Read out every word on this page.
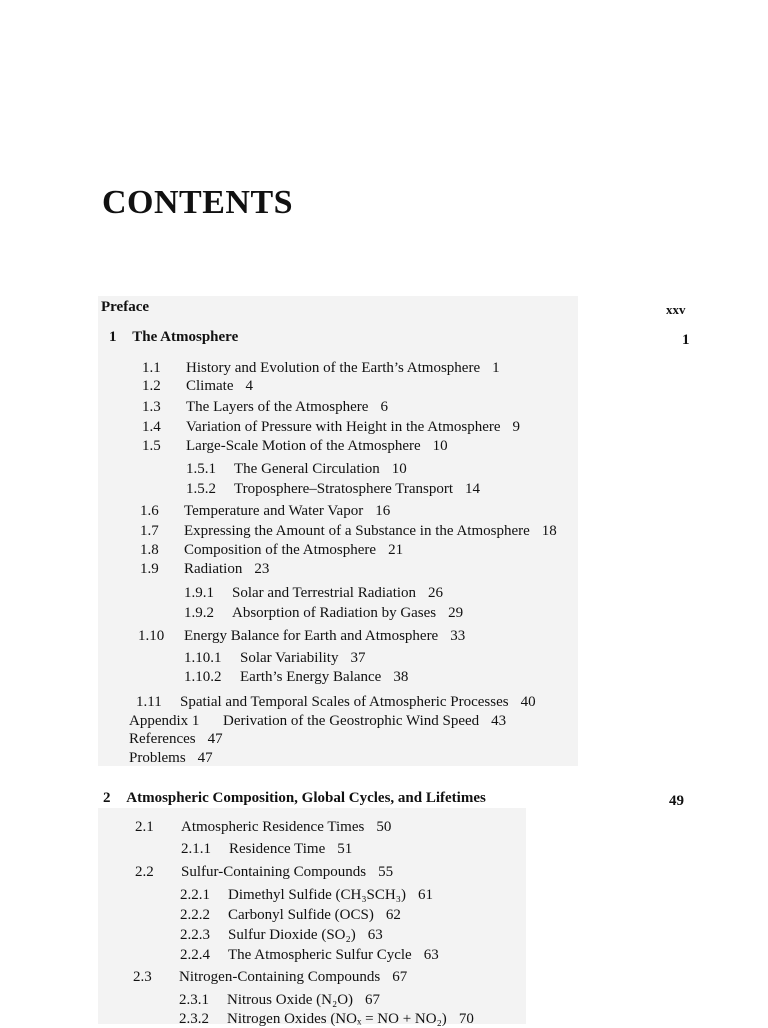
CONTENTS
Preface	xxv
1 The Atmosphere	1
1.1 History and Evolution of the Earth’s Atmosphere 1
1.2 Climate 4
1.3 The Layers of the Atmosphere 6
1.4 Variation of Pressure with Height in the Atmosphere 9
1.5 Large-Scale Motion of the Atmosphere 10
1.5.1 The General Circulation 10
1.5.2 Troposphere–Stratosphere Transport 14
1.6 Temperature and Water Vapor 16
1.7 Expressing the Amount of a Substance in the Atmosphere 18
1.8 Composition of the Atmosphere 21
1.9 Radiation 23
1.9.1 Solar and Terrestrial Radiation 26
1.9.2 Absorption of Radiation by Gases 29
1.10 Energy Balance for Earth and Atmosphere 33
1.10.1 Solar Variability 37
1.10.2 Earth’s Energy Balance 38
1.11 Spatial and Temporal Scales of Atmospheric Processes 40
Appendix 1 Derivation of the Geostrophic Wind Speed 43
References 47
Problems 47
2 Atmospheric Composition, Global Cycles, and Lifetimes	49
2.1 Atmospheric Residence Times 50
2.1.1 Residence Time 51
2.2 Sulfur-Containing Compounds 55
2.2.1 Dimethyl Sulfide (CH₃SCH₃) 61
2.2.2 Carbonyl Sulfide (OCS) 62
2.2.3 Sulfur Dioxide (SO₂) 63
2.2.4 The Atmospheric Sulfur Cycle 63
2.3 Nitrogen-Containing Compounds 67
2.3.1 Nitrous Oxide (N₂O) 67
2.3.2 Nitrogen Oxides (NOₓ = NO + NO₂) 70
